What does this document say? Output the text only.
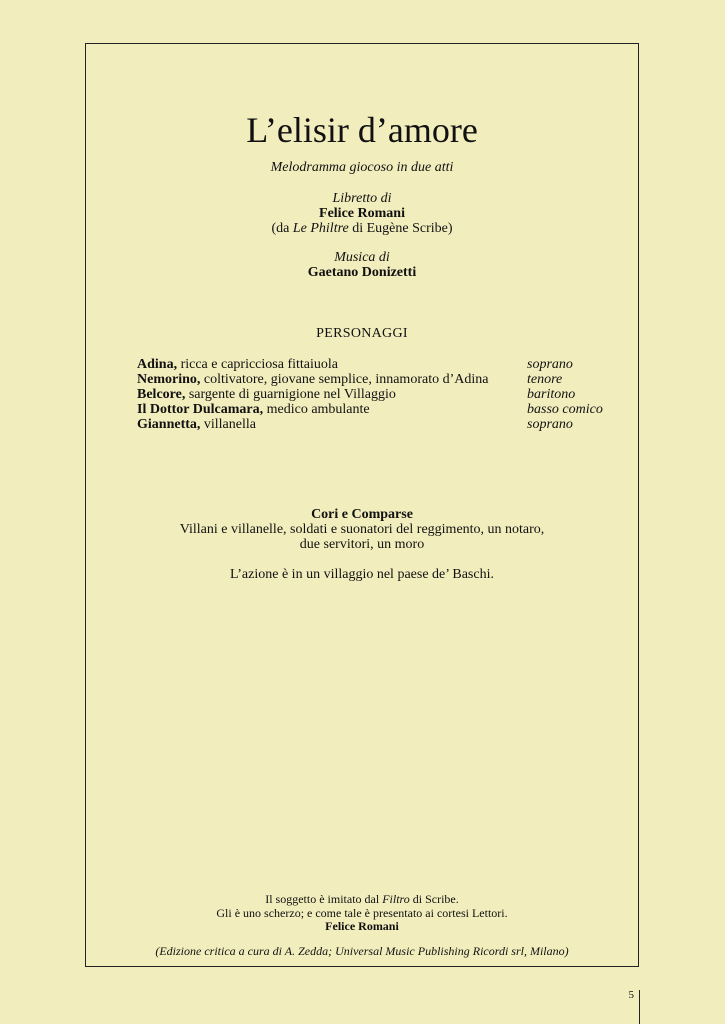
L’elisir d’amore
Melodramma giocoso in due atti
Libretto di
Felice Romani
(da Le Philtre di Eugène Scribe)
Musica di
Gaetano Donizetti
PERSONAGGI
Adina, ricca e capricciosa fittaiuola	soprano
Nemorino, coltivatore, giovane semplice, innamorato d’Adina	tenore
Belcore, sargente di guarnigione nel Villaggio	baritono
Il Dottor Dulcamara, medico ambulante	basso comico
Giannetta, villanella	soprano
Cori e Comparse
Villani e villanelle, soldati e suonatori del reggimento, un notaro,
due servitori, un moro
L’azione è in un villaggio nel paese de’ Baschi.
Il soggetto è imitato dal Filtro di Scribe.
Gli è uno scherzo; e come tale è presentato ai cortesi Lettori.
Felice Romani
(Edizione critica a cura di A. Zedda; Universal Music Publishing Ricordi srl, Milano)
5
